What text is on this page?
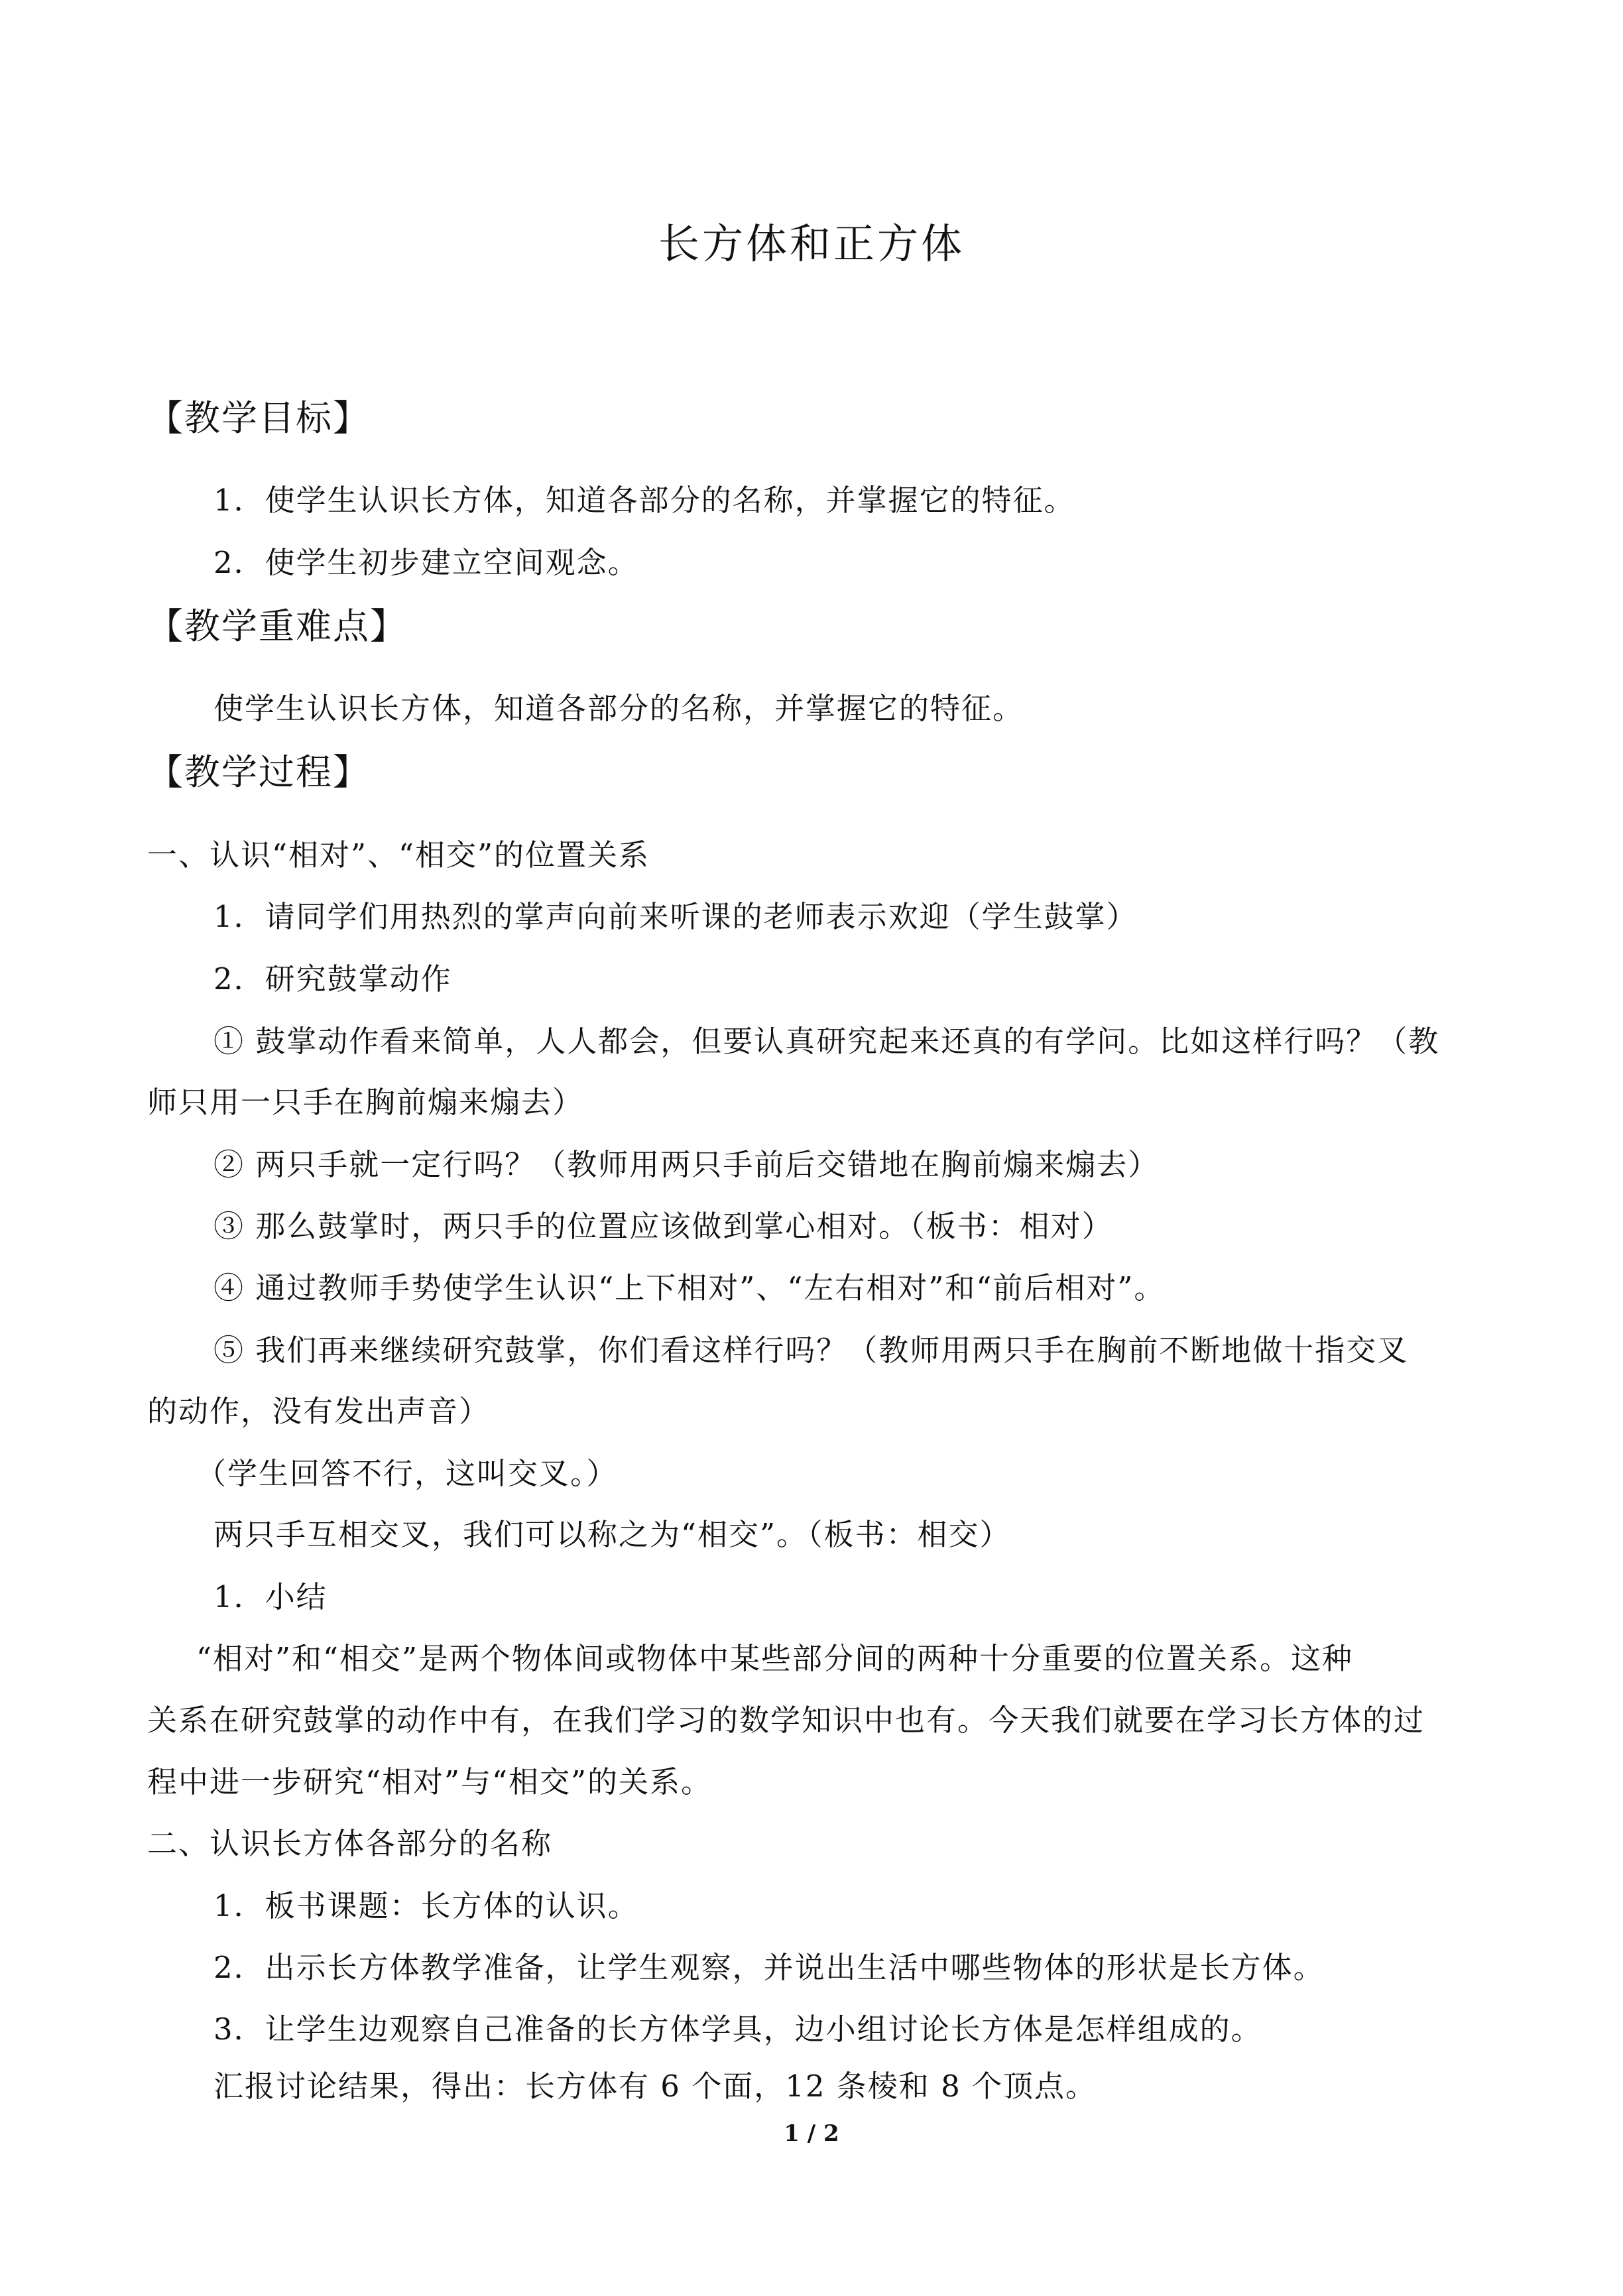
长方体和正方体
【教学目标】
1．使学生认识长方体，知道各部分的名称，并掌握它的特征。
2．使学生初步建立空间观念。
【教学重难点】
使学生认识长方体，知道各部分的名称，并掌握它的特征。
【教学过程】
一、认识“相对”、“相交”的位置关系
1．请同学们用热烈的掌声向前来听课的老师表示欢迎（学生鼓掌）
2．研究鼓掌动作
① 鼓掌动作看来简单，人人都会，但要认真研究起来还真的有学问。比如这样行吗？（教
师只用一只手在胸前煽来煽去）
② 两只手就一定行吗？（教师用两只手前后交错地在胸前煽来煽去）
③ 那么鼓掌时，两只手的位置应该做到掌心相对。（板书：相对）
④ 通过教师手势使学生认识“上下相对”、“左右相对”和“前后相对”。
⑤ 我们再来继续研究鼓掌，你们看这样行吗？（教师用两只手在胸前不断地做十指交叉
的动作，没有发出声音）
（学生回答不行，这叫交叉。）
两只手互相交叉，我们可以称之为“相交”。（板书：相交）
1．小结
“相对”和“相交”是两个物体间或物体中某些部分间的两种十分重要的位置关系。这种
关系在研究鼓掌的动作中有，在我们学习的数学知识中也有。今天我们就要在学习长方体的过
程中进一步研究“相对”与“相交”的关系。
二、认识长方体各部分的名称
1．板书课题：长方体的认识。
2．出示长方体教学准备，让学生观察，并说出生活中哪些物体的形状是长方体。
3．让学生边观察自己准备的长方体学具，边小组讨论长方体是怎样组成的。
汇报讨论结果，得出：长方体有 6 个面，12 条棱和 8 个顶点。
1 / 2
